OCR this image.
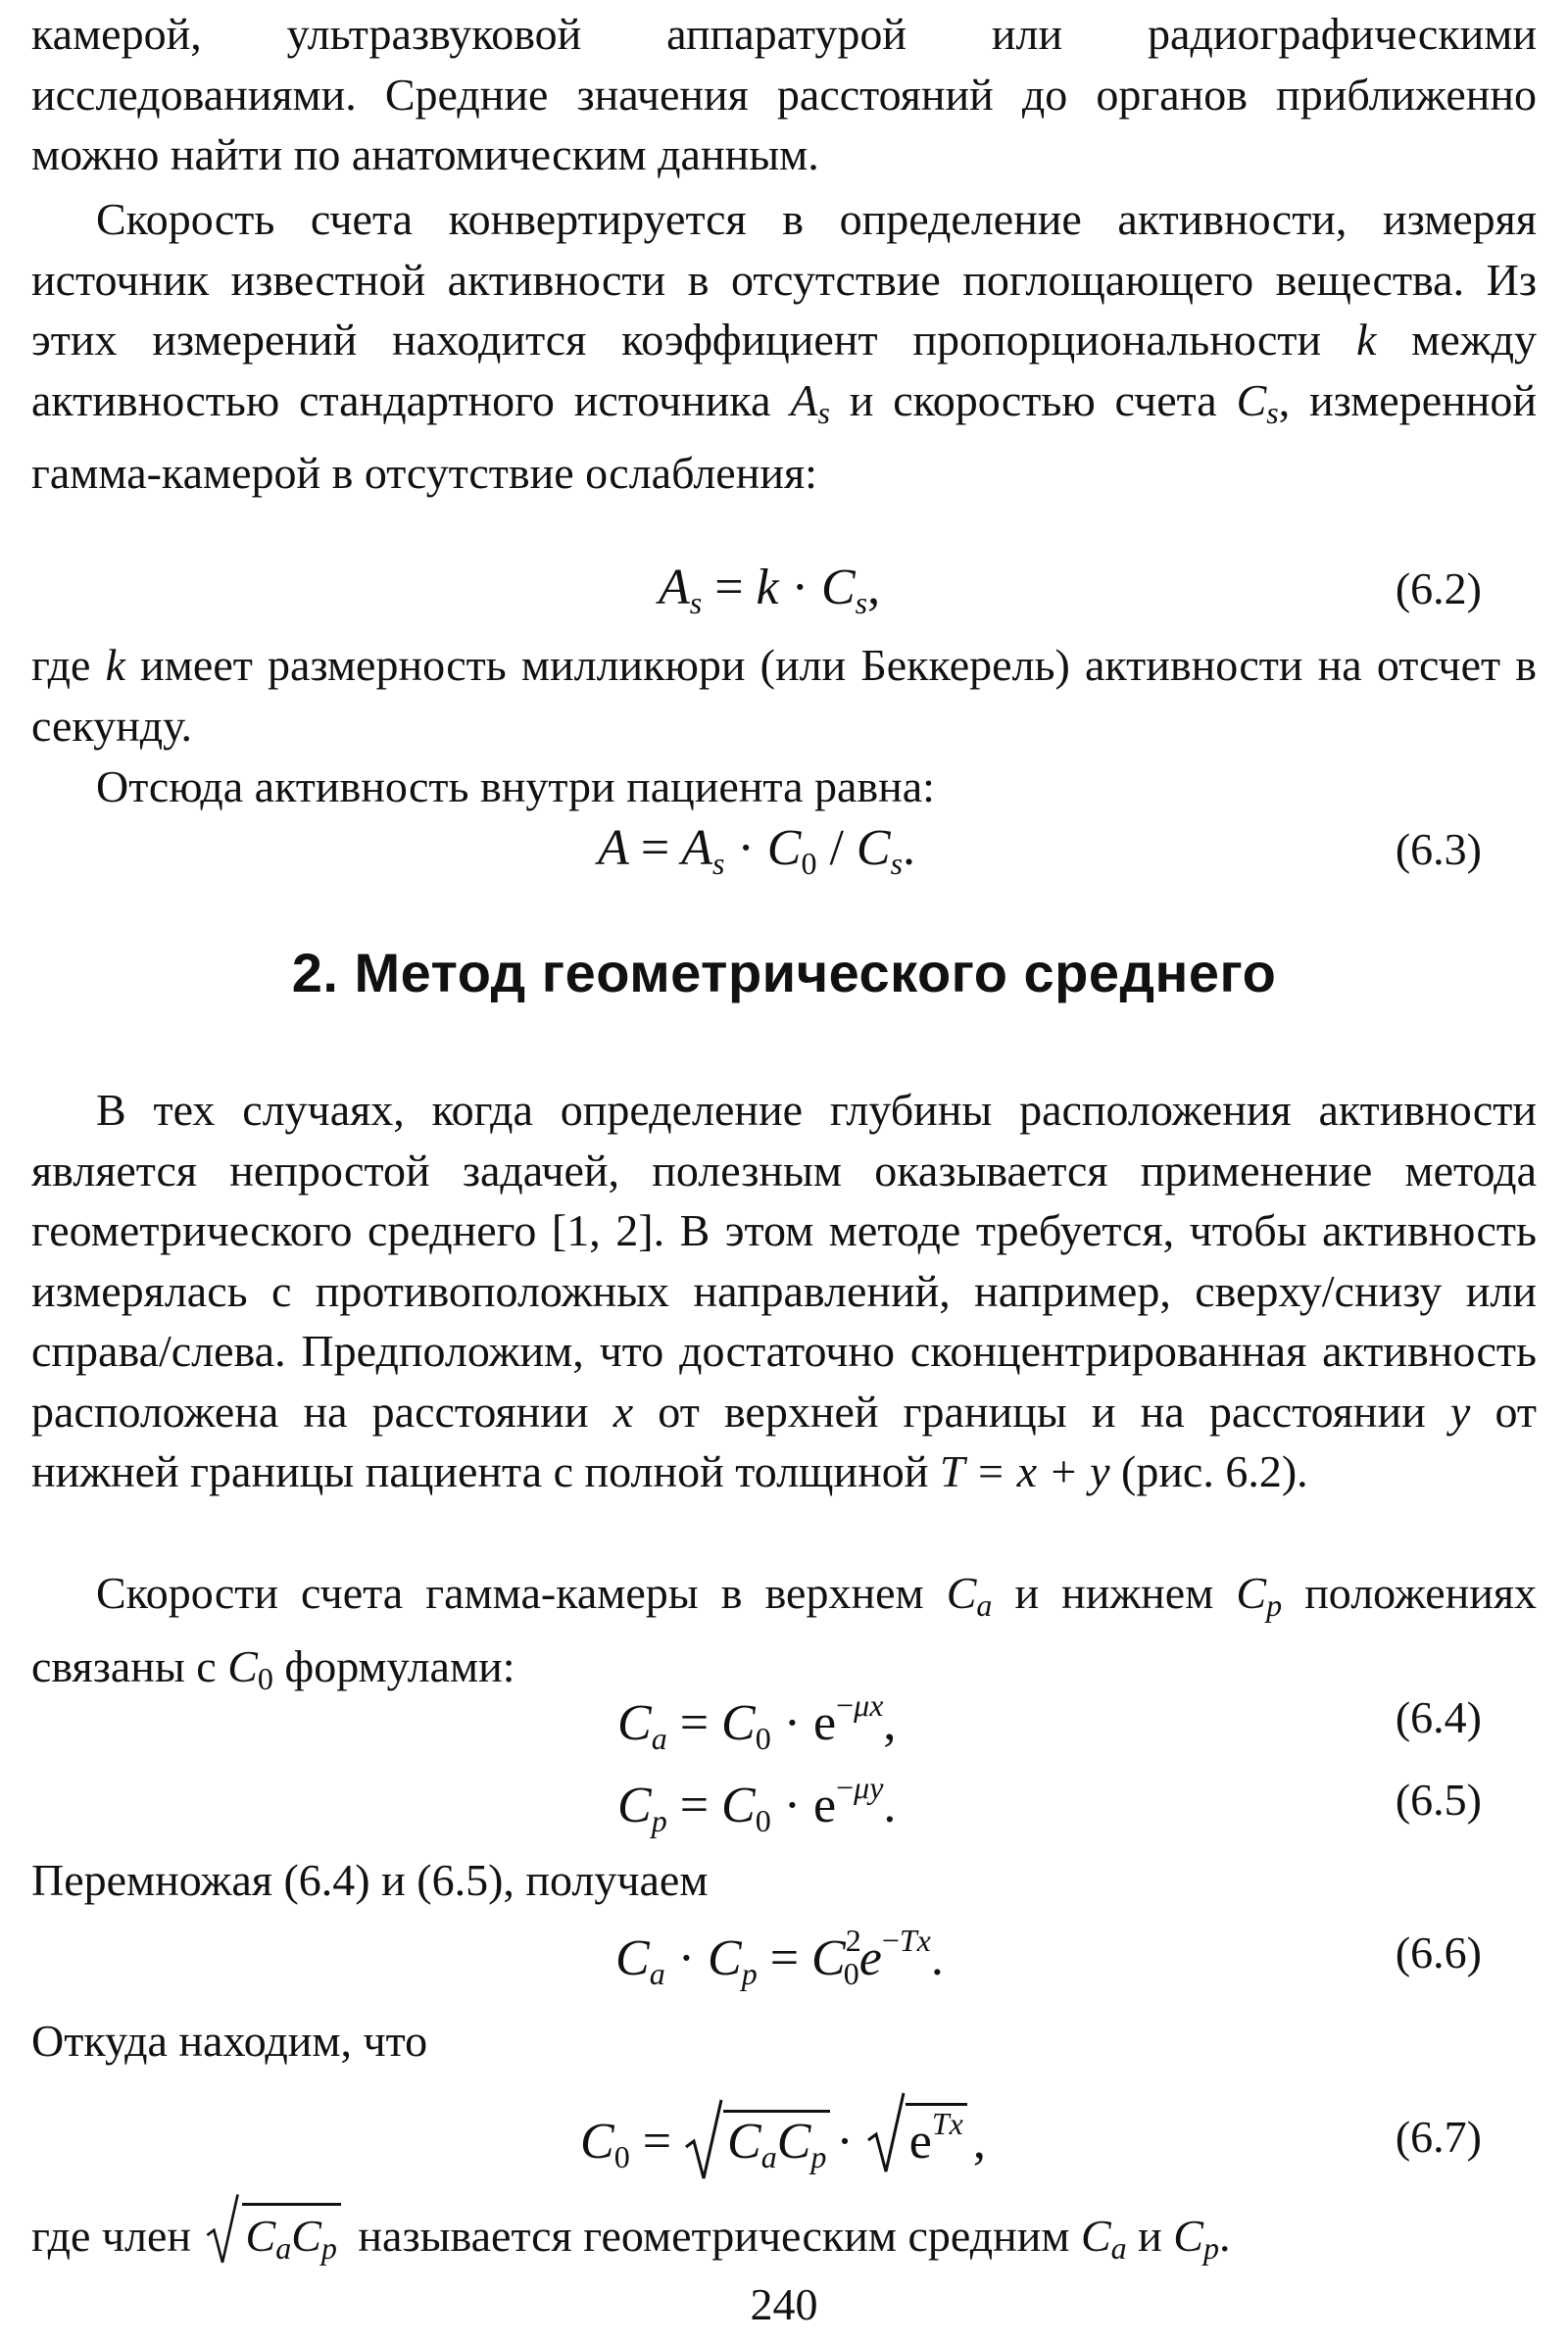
камерой, ультразвуковой аппаратурой или радиографическими исследованиями. Средние значения расстояний до органов приближенно можно найти по анатомическим данным.

Скорость счета конвертируется в определение активности, измеряя источник известной активности в отсутствие поглощающего вещества. Из этих измерений находится коэффициент пропорциональности k между активностью стандартного источника As и скоростью счета Cs, измеренной гамма-камерой в отсутствие ослабления:

$A_s = k \cdot C_s$,	(6.2)

где k имеет размерность милликюри (или Беккерель) активности на отсчет в секунду.

Отсюда активность внутри пациента равна:

$A = A_s \cdot C_0 / C_s$.	(6.3)
2. Метод геометрического среднего

В тех случаях, когда определение глубины расположения активности является непростой задачей, полезным оказывается применение метода геометрического среднего [1, 2]. В этом методе требуется, чтобы активность измерялась с противоположных направлений, например, сверху/снизу или справа/слева. Предположим, что достаточно сконцентрированная активность расположена на расстоянии x от верхней границы и на расстоянии y от нижней границы пациента с полной толщиной T = x + y (рис. 6.2).

Скорости счета гамма-камеры в верхнем Ca и нижнем Cp положениях связаны с C0 формулами:

$C_a = C_0 \cdot e^{-\mu x}$,	(6.4)
$C_p = C_0 \cdot e^{-\mu y}$.	(6.5)

Перемножая (6.4) и (6.5), получаем

$C_a \cdot C_p = C^2_0e^{-Tx}$.	(6.6)

Откуда находим, что

$C_0 = C_aC_p \cdot e^{Tx}$ ,	(6.7)

где член
CaCp называется геометрическим средним Ca и Cp.

240
